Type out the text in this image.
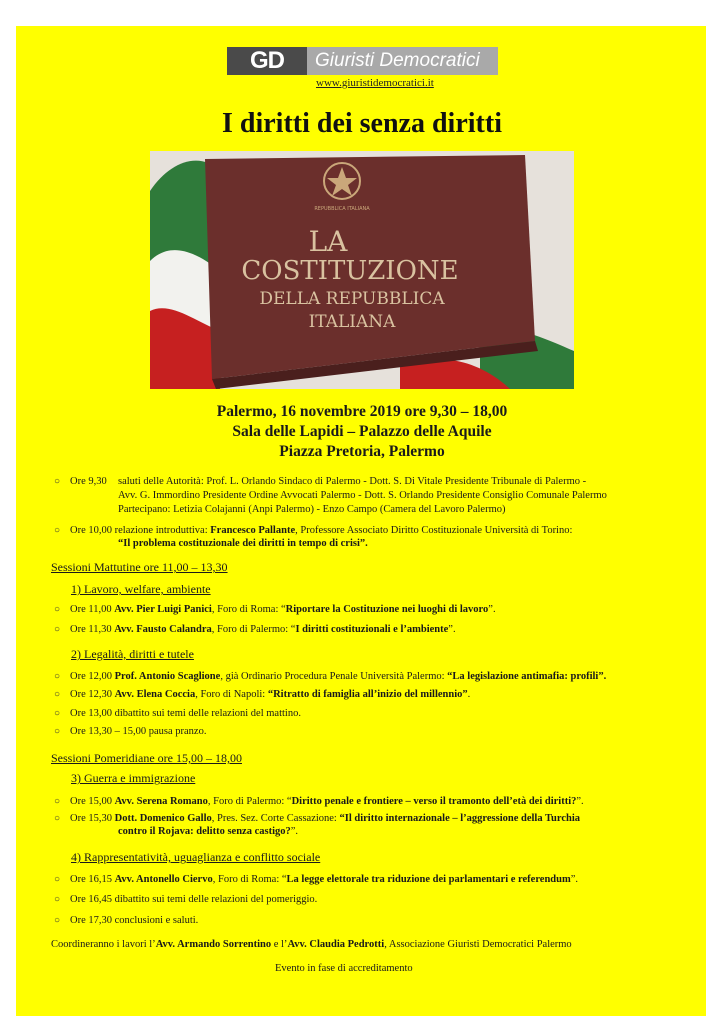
GD	Giuristi Democratici
www.giuristidemocratici.it
I diritti dei senza diritti
REPUBBLICA ITALIANA
LA
COSTITUZIONE
DELLA REPUBBLICA
ITALIANA
Palermo, 16 novembre 2019 ore 9,30 – 18,00
Sala delle Lapidi – Palazzo delle Aquile
Piazza Pretoria, Palermo
○ Ore 9,30 saluti delle Autorità: Prof. L. Orlando Sindaco di Palermo - Dott. S. Di Vitale Presidente Tribunale di Palermo -
Avv. G. Immordino Presidente Ordine Avvocati Palermo - Dott. S. Orlando Presidente Consiglio Comunale Palermo
Partecipano: Letizia Colajanni (Anpi Palermo) - Enzo Campo (Camera del Lavoro Palermo)
○ Ore 10,00 relazione introduttiva: Francesco Pallante, Professore Associato Diritto Costituzionale Università di Torino:
“Il problema costituzionale dei diritti in tempo di crisi”.
Sessioni Mattutine ore 11,00 – 13,30
1) Lavoro, welfare, ambiente
○ Ore 11,00 Avv. Pier Luigi Panici, Foro di Roma: “Riportare la Costituzione nei luoghi di lavoro”.
○ Ore 11,30 Avv. Fausto Calandra, Foro di Palermo: “I diritti costituzionali e l’ambiente”.
2) Legalità, diritti e tutele
○ Ore 12,00 Prof. Antonio Scaglione, già Ordinario Procedura Penale Università Palermo: “La legislazione antimafia: profili”.
○ Ore 12,30 Avv. Elena Coccia, Foro di Napoli: “Ritratto di famiglia all’inizio del millennio”.
○ Ore 13,00 dibattito sui temi delle relazioni del mattino.
○ Ore 13,30 – 15,00 pausa pranzo.
Sessioni Pomeridiane ore 15,00 – 18,00
3) Guerra e immigrazione
○ Ore 15,00 Avv. Serena Romano, Foro di Palermo: “Diritto penale e frontiere – verso il tramonto dell’età dei diritti?”.
○ Ore 15,30 Dott. Domenico Gallo, Pres. Sez. Corte Cassazione: “Il diritto internazionale – l’aggressione della Turchia
contro il Rojava: delitto senza castigo?”.
4) Rappresentatività, uguaglianza e conflitto sociale
○ Ore 16,15 Avv. Antonello Ciervo, Foro di Roma: “La legge elettorale tra riduzione dei parlamentari e referendum”.
○ Ore 16,45 dibattito sui temi delle relazioni del pomeriggio.
○ Ore 17,30 conclusioni e saluti.
Coordineranno i lavori l’Avv. Armando Sorrentino e l’Avv. Claudia Pedrotti, Associazione Giuristi Democratici Palermo
Evento in fase di accreditamento
